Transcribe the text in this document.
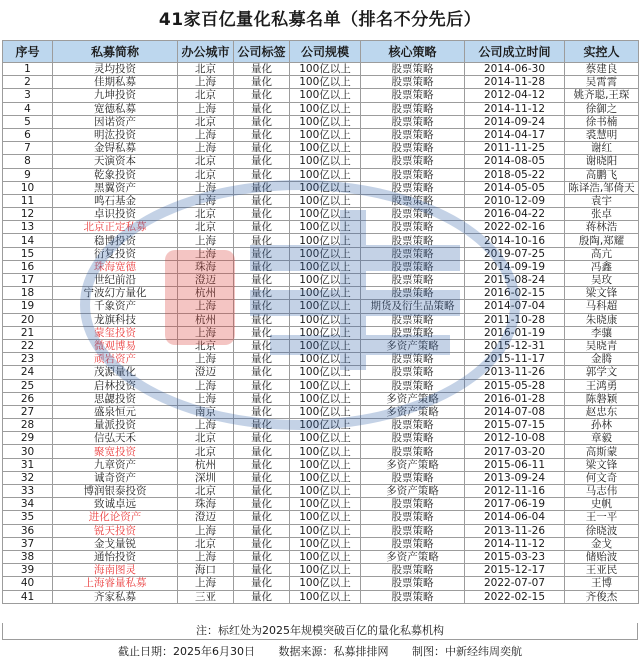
41家百亿量化私募名单（排名不分先后）
序号	私募简称	办公城市	公司标签	公司规模	核心策略	公司成立时间	实控人
1	灵均投资	北京	量化	100亿以上	股票策略	2014-06-30	蔡建良
2	佳期私募	上海	量化	100亿以上	股票策略	2014-11-28	吴霄霄
3	九坤投资	北京	量化	100亿以上	股票策略	2012-04-12	姚齐聪,王琛
4	宽德私募	上海	量化	100亿以上	股票策略	2014-11-12	徐御之
5	因诺资产	北京	量化	100亿以上	股票策略	2014-09-24	徐书楠
6	明汯投资	上海	量化	100亿以上	股票策略	2014-04-17	裘慧明
7	金锝私募	上海	量化	100亿以上	股票策略	2011-11-25	谢红
8	天演资本	北京	量化	100亿以上	股票策略	2014-08-05	谢晓阳
9	乾象投资	北京	量化	100亿以上	股票策略	2018-05-22	高鹏飞
10	黑翼资产	上海	量化	100亿以上	股票策略	2014-05-05	陈译浩,邹倚天
11	鸣石基金	上海	量化	100亿以上	股票策略	2010-12-09	袁宇
12	卓识投资	北京	量化	100亿以上	股票策略	2016-04-22	张卓
13	北京正定私募	北京	量化	100亿以上	股票策略	2022-02-16	蒋林浩
14	稳博投资	上海	量化	100亿以上	股票策略	2014-10-16	殷陶,郑耀
15	衍复投资	上海	量化	100亿以上	股票策略	2019-07-25	高亢
16	珠海宽德	珠海	量化	100亿以上	股票策略	2014-09-19	冯鑫
17	世纪前沿	澄迈	量化	100亿以上	股票策略	2015-08-24	吴玫
18	宁波幻方量化	杭州	量化	100亿以上	股票策略	2016-02-15	梁文锋
19	千象资产	上海	量化	100亿以上	期货及衍生品策略	2014-07-04	马科超
20	龙旗科技	杭州	量化	100亿以上	股票策略	2011-10-28	朱晓康
21	蒙玺投资	上海	量化	100亿以上	股票策略	2016-01-19	李骧
22	微观博易	北京	量化	100亿以上	多资产策略	2015-12-31	吴晓青
23	顽岩资产	上海	量化	100亿以上	股票策略	2015-11-17	金腾
24	茂源量化	澄迈	量化	100亿以上	股票策略	2013-11-26	郭学文
25	启林投资	上海	量化	100亿以上	股票策略	2015-05-28	王鸿勇
26	思勰投资	上海	量化	100亿以上	多资产策略	2016-01-28	陈磐颖
27	盛泉恒元	南京	量化	100亿以上	多资产策略	2014-07-08	赵忠东
28	量派投资	上海	量化	100亿以上	股票策略	2015-07-15	孙林
29	信弘天禾	北京	量化	100亿以上	股票策略	2012-10-08	章毅
30	聚宽投资	北京	量化	100亿以上	股票策略	2017-03-20	高斯蒙
31	九章资产	杭州	量化	100亿以上	多资产策略	2015-06-11	梁文锋
32	诚奇资产	深圳	量化	100亿以上	股票策略	2013-09-24	何文奇
33	博润银泰投资	北京	量化	100亿以上	多资产策略	2012-11-16	马志伟
34	致诚卓远	珠海	量化	100亿以上	股票策略	2017-06-19	史帆
35	进化论资产	澄迈	量化	100亿以上	股票策略	2014-06-04	王一平
36	锐天投资	上海	量化	100亿以上	股票策略	2013-11-26	徐晓波
37	金戈量锐	北京	量化	100亿以上	股票策略	2014-11-12	金戈
38	通怡投资	上海	量化	100亿以上	多资产策略	2015-03-23	储贻波
39	海南图灵	海口	量化	100亿以上	股票策略	2015-12-17	王亚民
40	上海睿量私募	上海	量化	100亿以上	股票策略	2022-07-07	王博
41	齐家私募	三亚	量化	100亿以上	股票策略	2022-02-15	齐俊杰
注：标红处为2025年规模突破百亿的量化私募机构
截止日期：2025年6月30日 数据来源：私募排排网 制图：中新经纬周奕航
